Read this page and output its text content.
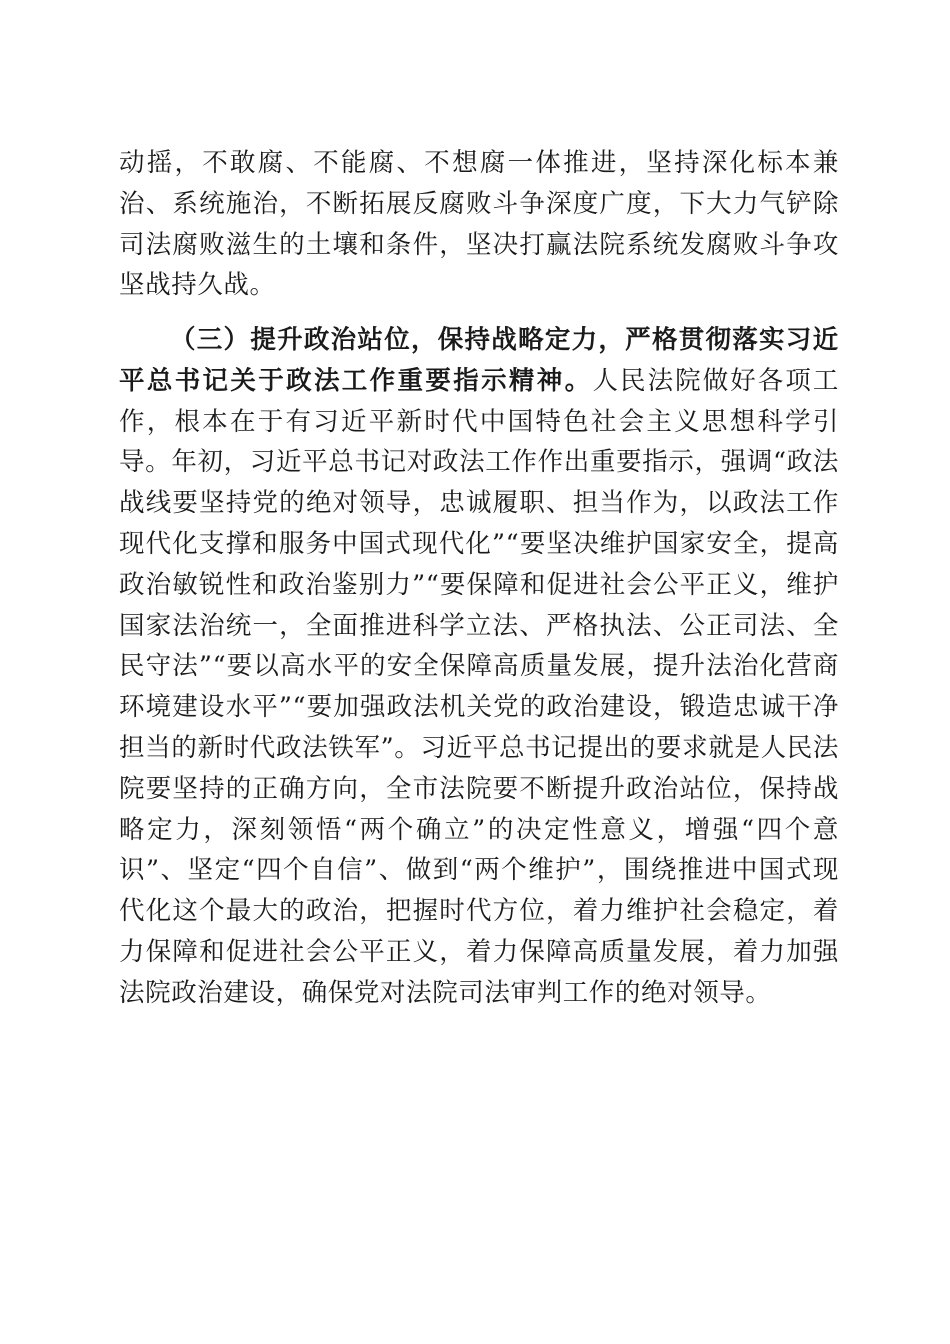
动摇，不敢腐、不能腐、不想腐一体推进，坚持深化标本兼治、系统施治，不断拓展反腐败斗争深度广度，下大力气铲除司法腐败滋生的土壤和条件，坚决打赢法院系统发腐败斗争攻坚战持久战。

（三）提升政治站位，保持战略定力，严格贯彻落实习近平总书记关于政法工作重要指示精神。人民法院做好各项工作，根本在于有习近平新时代中国特色社会主义思想科学引导。年初，习近平总书记对政法工作作出重要指示，强调“政法战线要坚持党的绝对领导，忠诚履职、担当作为，以政法工作现代化支撑和服务中国式现代化”“要坚决维护国家安全，提高政治敏锐性和政治鉴别力”“要保障和促进社会公平正义，维护国家法治统一，全面推进科学立法、严格执法、公正司法、全民守法”“要以高水平的安全保障高质量发展，提升法治化营商环境建设水平”“要加强政法机关党的政治建设，锻造忠诚干净担当的新时代政法铁军”。习近平总书记提出的要求就是人民法院要坚持的正确方向，全市法院要不断提升政治站位，保持战略定力，深刻领悟“两个确立”的决定性意义，增强“四个意识”、坚定“四个自信”、做到“两个维护”，围绕推进中国式现代化这个最大的政治，把握时代方位，着力维护社会稳定，着力保障和促进社会公平正义，着力保障高质量发展，着力加强法院政治建设，确保党对法院司法审判工作的绝对领导。
